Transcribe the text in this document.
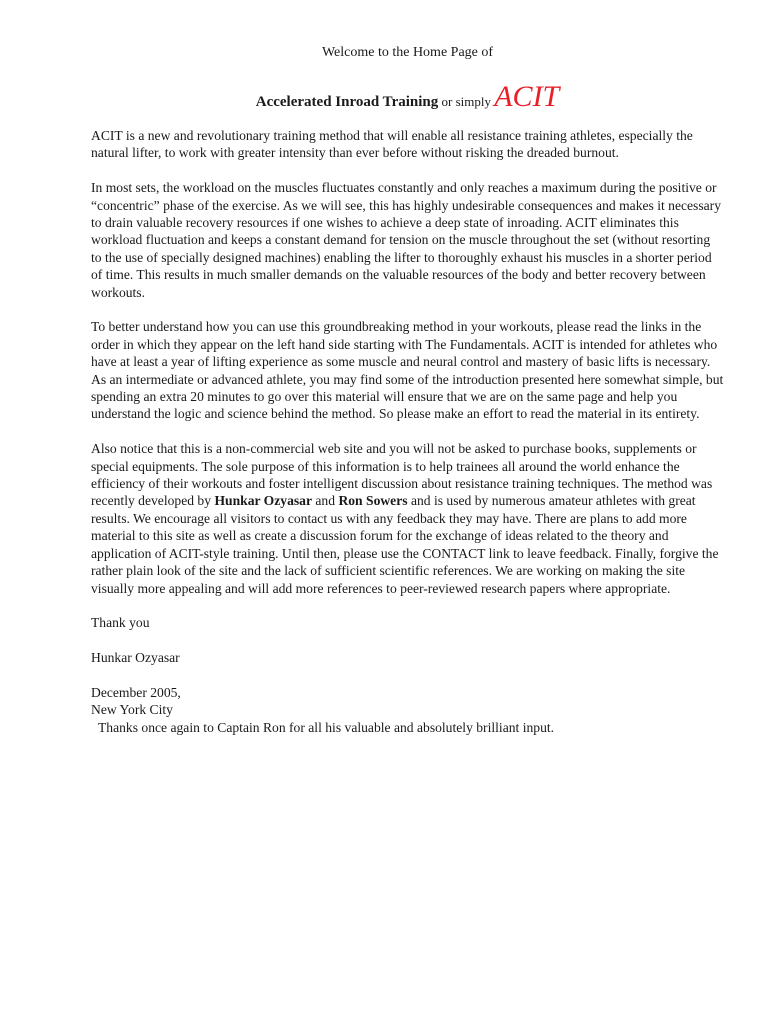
Welcome to the Home Page of
Accelerated Inroad Training or simply ACIT

ACIT is a new and revolutionary training method that will enable all resistance training athletes, especially the natural lifter, to work with greater intensity than ever before without risking the dreaded burnout.

In most sets, the workload on the muscles fluctuates constantly and only reaches a maximum during the positive or “concentric” phase of the exercise. As we will see, this has highly undesirable consequences and makes it necessary to drain valuable recovery resources if one wishes to achieve a deep state of inroading. ACIT eliminates this workload fluctuation and keeps a constant demand for tension on the muscle throughout the set (without resorting to the use of specially designed machines) enabling the lifter to thoroughly exhaust his muscles in a shorter period of time. This results in much smaller demands on the valuable resources of the body and better recovery between workouts.

To better understand how you can use this groundbreaking method in your workouts, please read the links in the order in which they appear on the left hand side starting with The Fundamentals. ACIT is intended for athletes who have at least a year of lifting experience as some muscle and neural control and mastery of basic lifts is necessary. As an intermediate or advanced athlete, you may find some of the introduction presented here somewhat simple, but spending an extra 20 minutes to go over this material will ensure that we are on the same page and help you understand the logic and science behind the method. So please make an effort to read the material in its entirety.

Also notice that this is a non-commercial web site and you will not be asked to purchase books, supplements or special equipments. The sole purpose of this information is to help trainees all around the world enhance the efficiency of their workouts and foster intelligent discussion about resistance training techniques. The method was recently developed by Hunkar Ozyasar and Ron Sowers and is used by numerous amateur athletes with great results. We encourage all visitors to contact us with any feedback they may have. There are plans to add more material to this site as well as create a discussion forum for the exchange of ideas related to the theory and application of ACIT-style training. Until then, please use the CONTACT link to leave feedback. Finally, forgive the rather plain look of the site and the lack of sufficient scientific references. We are working on making the site visually more appealing and will add more references to peer-reviewed research papers where appropriate.

Thank you

Hunkar Ozyasar

December 2005,
New York City
Thanks once again to Captain Ron for all his valuable and absolutely brilliant input.
